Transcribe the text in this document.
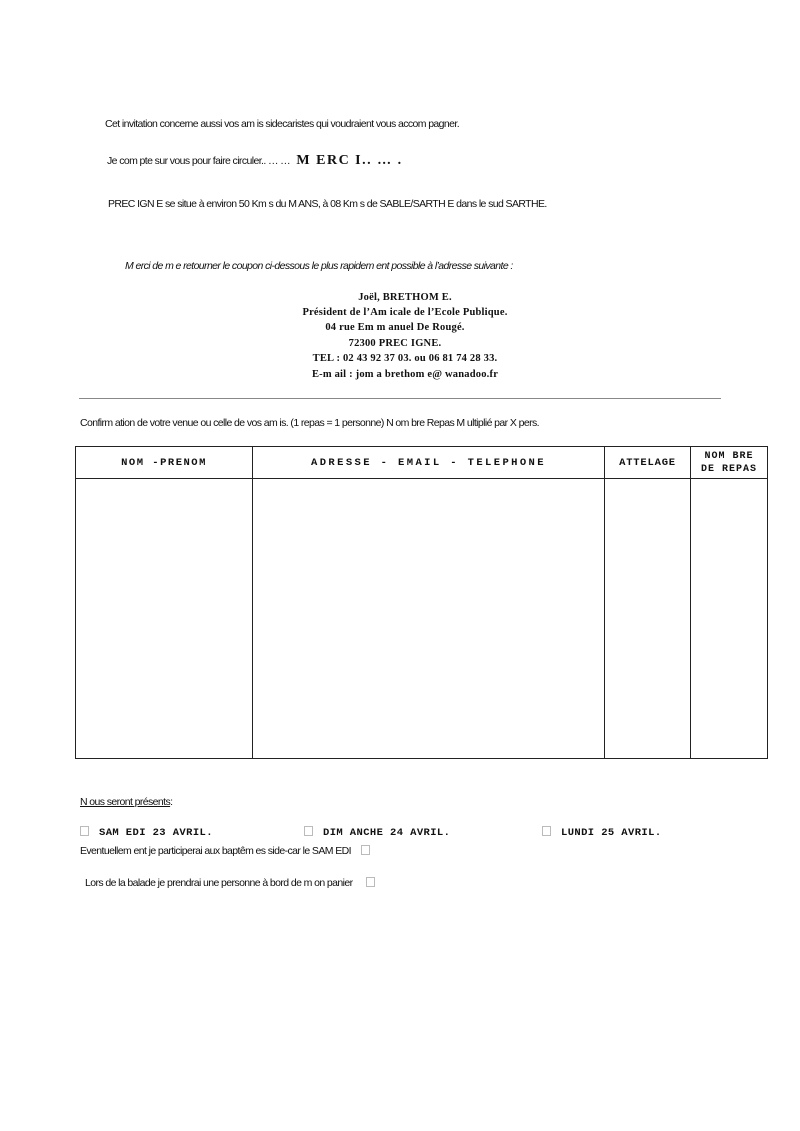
Cet invitation concerne aussi vos am is sidecaristes qui voudraient vous accom pagner.
Je com pte sur vous pour faire circuler.. … … M ERC I.. … .
PREC IGN E se situe à environ 50 Km s du M ANS, à 08 Km s de SABLE/SARTH E dans le sud SARTHE.
M erci de m e retourner le coupon ci-dessous le plus rapidem ent possible à l’adresse suivante :
Joël, BRETHOM E.
Président de l’Am icale de l’Ecole Publique.
04 rue Em m anuel De Rougé.
72300 PREC IGNE.
TEL : 02 43 92 37 03. ou 06 81 74 28 33.
E-m ail : jom a brethom e@ wanadoo.fr
Confirm ation de votre venue ou celle de vos am is. (1 repas = 1 personne) N om bre Repas M ultiplié par X pers.
NOM -PRENOM	ADRESSE - EMAIL - TELEPHONE	ATTELAGE	NOM BRE
DE REPAS

N ous seront présents:
SAM EDI 23 AVRIL.	DIM ANCHE 24 AVRIL.	LUNDI 25 AVRIL.
Eventuellem ent je participerai aux baptêm es side-car le SAM EDI
Lors de la balade je prendrai une personne à bord de m on panier
